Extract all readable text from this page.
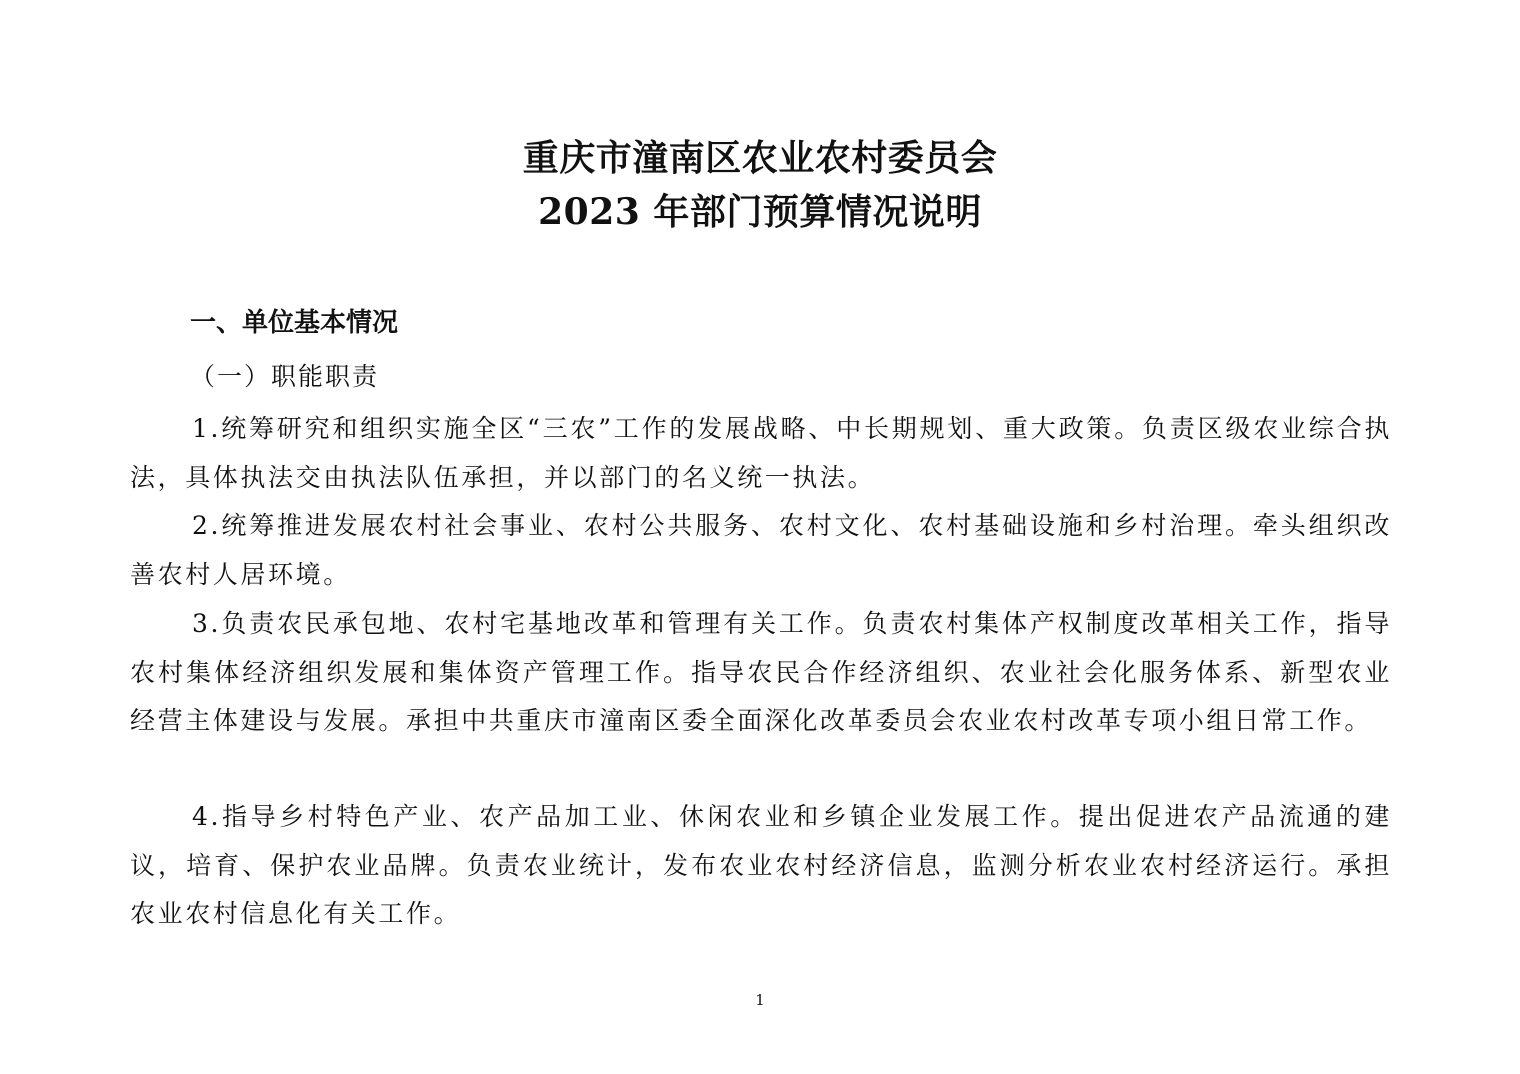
重庆市潼南区农业农村委员会
2023 年部门预算情况说明
一、单位基本情况
（一）职能职责

1.统筹研究和组织实施全区“三农”工作的发展战略、中长期规划、重大政策。负责区级农业综合执法，具体执法交由执法队伍承担，并以部门的名义统一执法。

2.统筹推进发展农村社会事业、农村公共服务、农村文化、农村基础设施和乡村治理。牵头组织改善农村人居环境。

3.负责农民承包地、农村宅基地改革和管理有关工作。负责农村集体产权制度改革相关工作，指导农村集体经济组织发展和集体资产管理工作。指导农民合作经济组织、农业社会化服务体系、新型农业经营主体建设与发展。承担中共重庆市潼南区委全面深化改革委员会农业农村改革专项小组日常工作。

4.指导乡村特色产业、农产品加工业、休闲农业和乡镇企业发展工作。提出促进农产品流通的建议，培育、保护农业品牌。负责农业统计，发布农业农村经济信息，监测分析农业农村经济运行。承担农业农村信息化有关工作。

1
